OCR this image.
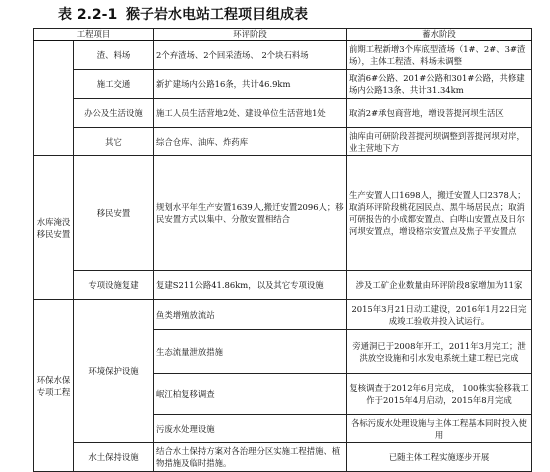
表 2.2-1 猴子岩水电站工程项目组成表
工程项目		环评阶段	蓄水阶段
	渣、料场	2个弃渣场、2个回采渣场、 2个块石料场	前期工程新增3个库底型渣场（1#、2#、3#渣场），主体工程渣、料场未调整
	施工交通	新扩建场内公路16条，共计46.9km	取消6#公路、201#公路和301#公路，共修建场内公路13条、共计31.34km
	办公及生活设施	施工人员生活营地2处、建设单位生活营地1处	取消2#承包商营地，增设菩提河坝生活区
	其它	综合仓库、油库、炸药库	油库由可研阶段菩提河坝调整到菩提河坝对岸，业主营地下方
水库淹没移民安置	移民安置	规划水平年生产安置1639人,搬迁安置2096人；移民安置方式以集中、分散安置相结合	生产安置人口1698人，搬迁安置人口2378人；取消环评阶段桃花园民点、黑牛场居民点；取消可研报告的小成都安置点、白哔山安置点及日尔河坝安置点，增设格宗安置点及焦子平安置点
	专项设施复建	复建S211公路41.86km，以及其它专项设施	涉及工矿企业数量由环评阶段8家增加为11家
环保水保专项工程	环境保护设施	鱼类增殖放流站	2015年3月21日动工建设，2016年1月22日完成竣工验收并投入试运行。
		生态流量泄放措施	旁通洞已于2008年开工，2011年3月完工；泄洪放空设施和引水发电系统土建工程已完成
		岷江柏复移调查	复核调查于2012年6月完成， 100株实验移栽工作于2015年4月启动，2015年8月完成
		污废水处理设施	各标污废水处理设施与主体工程基本同时投入使用
	水土保持设施	结合水土保持方案对各治理分区实施工程措施、植物措施及临时措施。	已随主体工程实施逐步开展
